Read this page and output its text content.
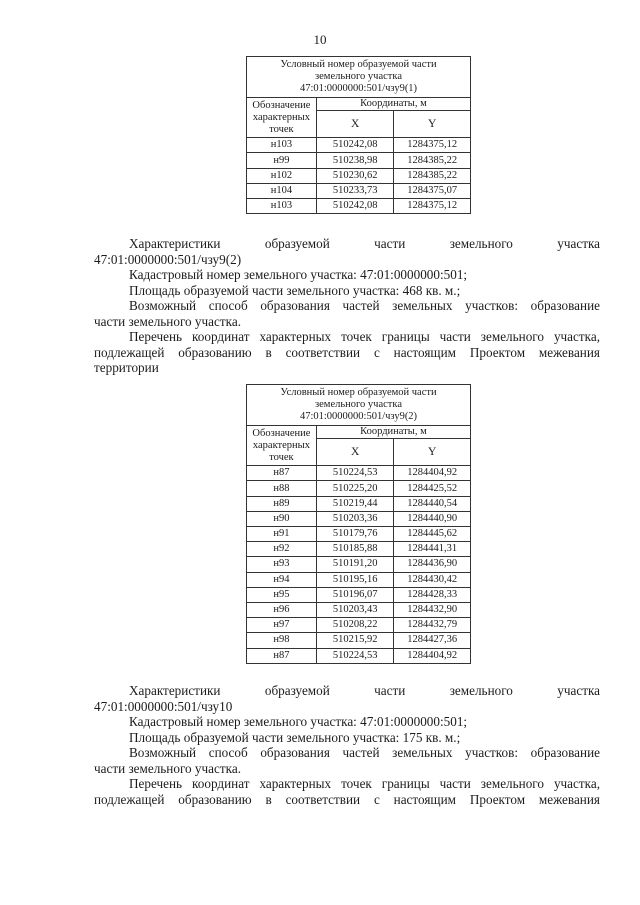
10
Условный номер образуемой части
земельного участка
47:01:0000000:501/чзу9(1)		
Обозначение
характерных
точек	Координаты, м	
	X	Y
н103	510242,08	1284375,12
н99	510238,98	1284385,22
н102	510230,62	1284385,22
н104	510233,73	1284375,07
н103	510242,08	1284375,12

Характеристики	образуемой	части	земельного	участка

47:01:0000000:501/чзу9(2)

Кадастровый номер земельного участка: 47:01:0000000:501;

Площадь образуемой части земельного участка: 468 кв. м.;

Возможный способ образования частей земельных участков: образование

части земельного участка.

Перечень координат характерных точек границы части земельного участка,

подлежащей образованию в соответствии с настоящим Проектом межевания

территории

Условный номер образуемой части
земельного участка
47:01:0000000:501/чзу9(2)		
Обозначение
характерных
точек	Координаты, м	
	X	Y
н87	510224,53	1284404,92
н88	510225,20	1284425,52
н89	510219,44	1284440,54
н90	510203,36	1284440,90
н91	510179,76	1284445,62
н92	510185,88	1284441,31
н93	510191,20	1284436,90
н94	510195,16	1284430,42
н95	510196,07	1284428,33
н96	510203,43	1284432,90
н97	510208,22	1284432,79
н98	510215,92	1284427,36
н87	510224,53	1284404,92

Характеристики	образуемой	части	земельного	участка

47:01:0000000:501/чзу10

Кадастровый номер земельного участка: 47:01:0000000:501;

Площадь образуемой части земельного участка: 175 кв. м.;

Возможный способ образования частей земельных участков: образование

части земельного участка.

Перечень координат характерных точек границы части земельного участка,

подлежащей образованию в соответствии с настоящим Проектом межевания
